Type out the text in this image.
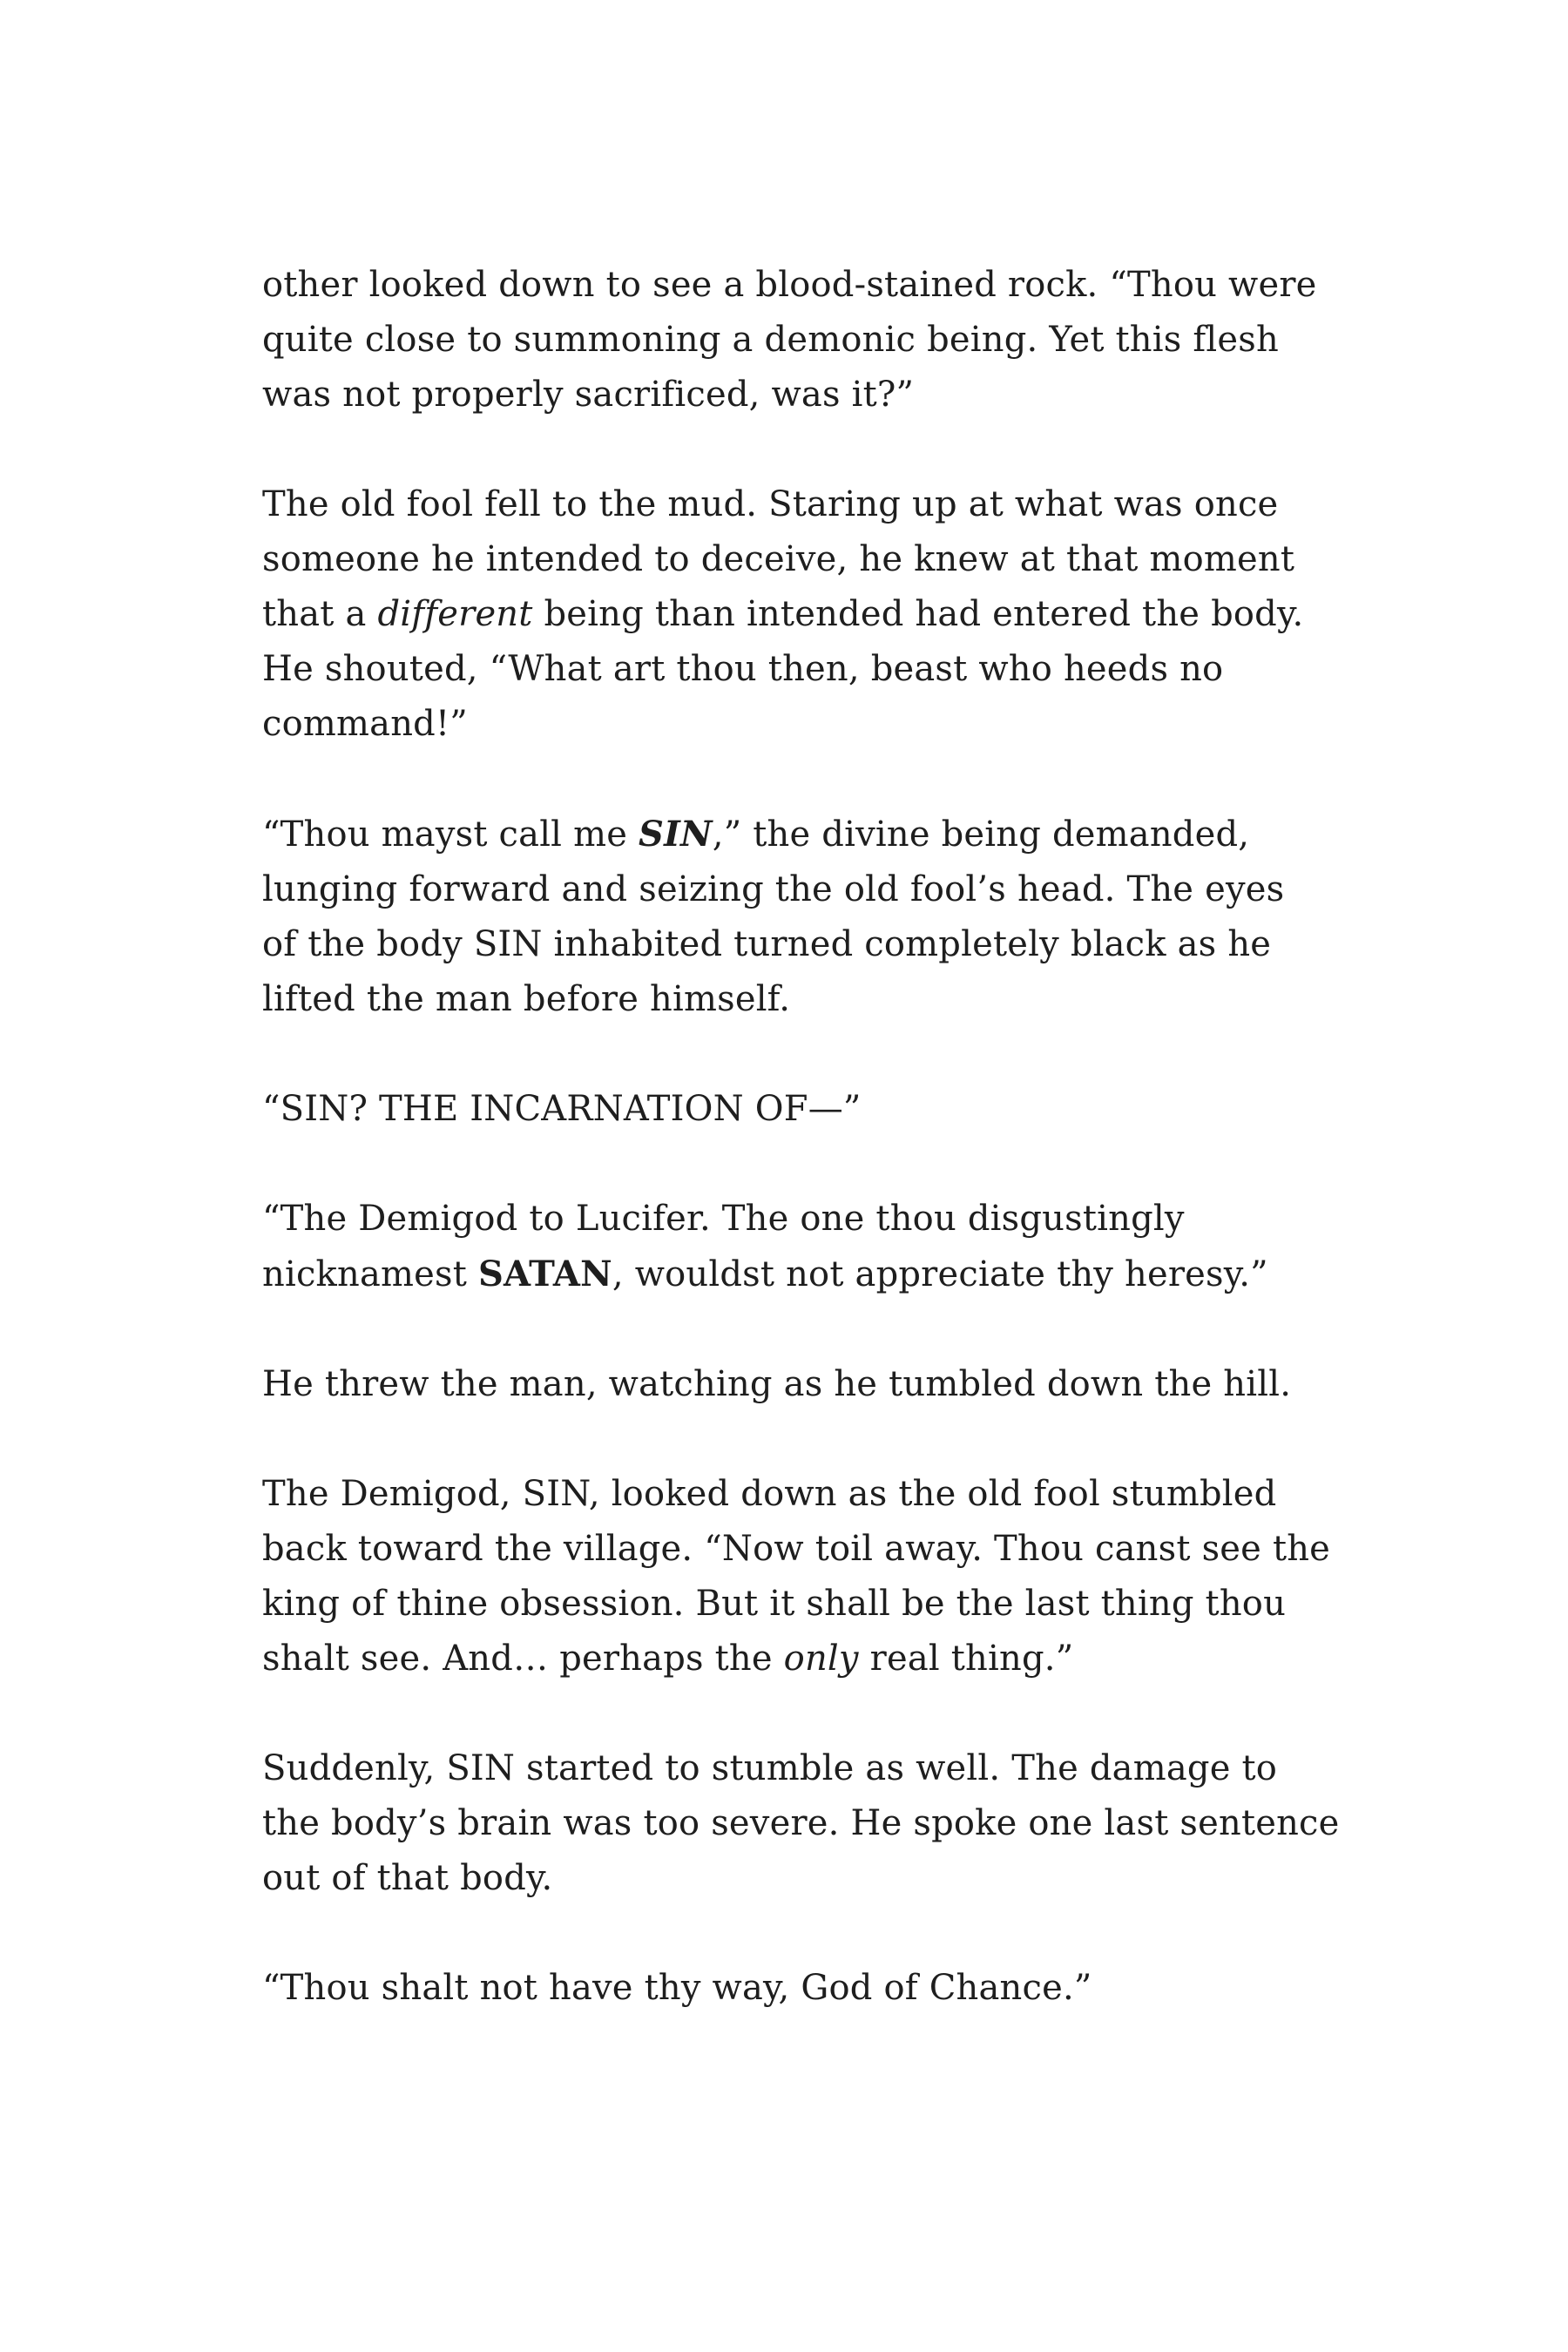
other looked down to see a blood-stained rock. “Thou were
quite close to summoning a demonic being. Yet this flesh
was not properly sacrificed, was it?”

The old fool fell to the mud. Staring up at what was once
someone he intended to deceive, he knew at that moment
that a different being than intended had entered the body.
He shouted, “What art thou then, beast who heeds no
command!”

“Thou mayst call me SIN,” the divine being demanded,
lunging forward and seizing the old fool’s head. The eyes
of the body SIN inhabited turned completely black as he
lifted the man before himself.

“SIN? THE INCARNATION OF—”

“The Demigod to Lucifer. The one thou disgustingly
nicknamest SATAN, wouldst not appreciate thy heresy.”

He threw the man, watching as he tumbled down the hill.

The Demigod, SIN, looked down as the old fool stumbled
back toward the village. “Now toil away. Thou canst see the
king of thine obsession. But it shall be the last thing thou
shalt see. And… perhaps the only real thing.”

Suddenly, SIN started to stumble as well. The damage to
the body’s brain was too severe. He spoke one last sentence
out of that body.

“Thou shalt not have thy way, God of Chance.”
